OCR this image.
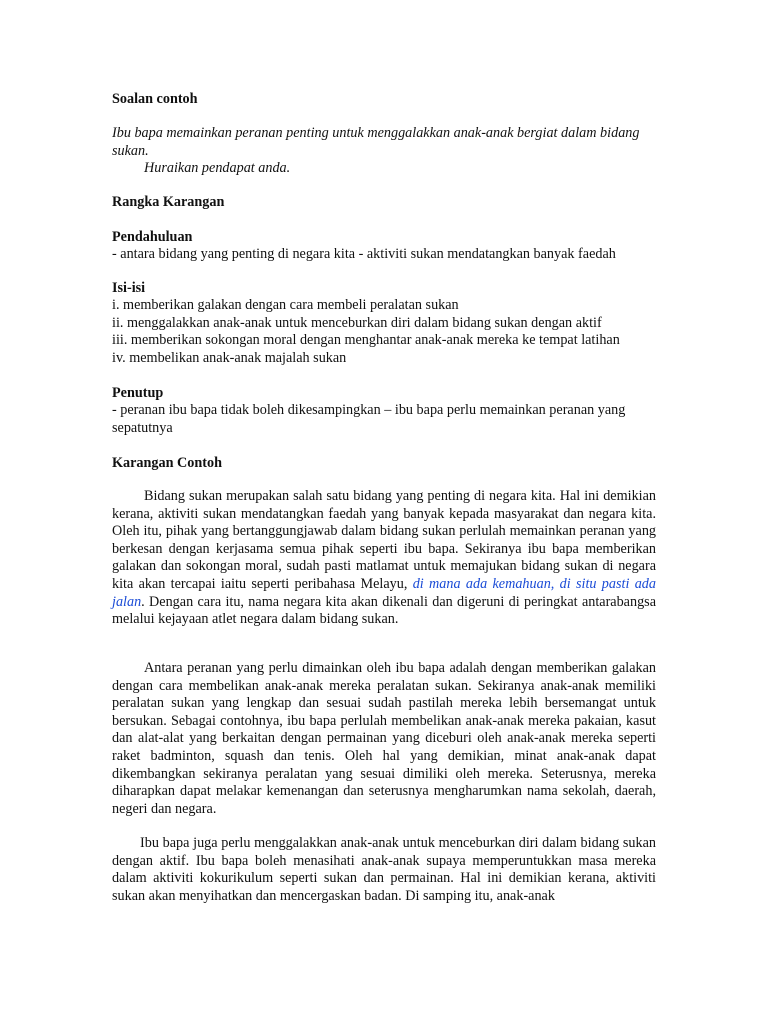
Soalan contoh

Ibu bapa memainkan peranan penting untuk menggalakkan anak-anak bergiat dalam bidang sukan.

Huraikan pendapat anda.

Rangka Karangan
Pendahuluan

- antara bidang yang penting di negara kita - aktiviti sukan mendatangkan banyak faedah

Isi-isi
i. memberikan galakan dengan cara membeli peralatan sukan
ii. menggalakkan anak-anak untuk menceburkan diri dalam bidang sukan dengan aktif
iii. memberikan sokongan moral dengan menghantar anak-anak mereka ke tempat latihan
iv. membelikan anak-anak majalah sukan
Penutup

- peranan ibu bapa tidak boleh dikesampingkan – ibu bapa perlu memainkan peranan yang sepatutnya

Karangan Contoh

Bidang sukan merupakan salah satu bidang yang penting di negara kita. Hal ini demikian kerana, aktiviti sukan mendatangkan faedah yang banyak kepada masyarakat dan negara kita. Oleh itu, pihak yang bertanggungjawab dalam bidang sukan perlulah memainkan peranan yang berkesan dengan kerjasama semua pihak seperti ibu bapa. Sekiranya ibu bapa memberikan galakan dan sokongan moral, sudah pasti matlamat untuk memajukan bidang sukan di negara kita akan tercapai iaitu seperti peribahasa Melayu, di mana ada kemahuan, di situ pasti ada jalan. Dengan cara itu, nama negara kita akan dikenali dan digeruni di peringkat antarabangsa melalui kejayaan atlet negara dalam bidang sukan.

Antara peranan yang perlu dimainkan oleh ibu bapa adalah dengan memberikan galakan dengan cara membelikan anak-anak mereka peralatan sukan. Sekiranya anak-anak memiliki peralatan sukan yang lengkap dan sesuai sudah pastilah mereka lebih bersemangat untuk bersukan. Sebagai contohnya, ibu bapa perlulah membelikan anak-anak mereka pakaian, kasut dan alat-alat yang berkaitan dengan permainan yang diceburi oleh anak-anak mereka seperti raket badminton, squash dan tenis. Oleh hal yang demikian, minat anak-anak dapat dikembangkan sekiranya peralatan yang sesuai dimiliki oleh mereka. Seterusnya, mereka diharapkan dapat melakar kemenangan dan seterusnya mengharumkan nama sekolah, daerah, negeri dan negara.

Ibu bapa juga perlu menggalakkan anak-anak untuk menceburkan diri dalam bidang sukan dengan aktif. Ibu bapa boleh menasihati anak-anak supaya memperuntukkan masa mereka dalam aktiviti kokurikulum seperti sukan dan permainan. Hal ini demikian kerana, aktiviti sukan akan menyihatkan dan mencergaskan badan. Di samping itu, anak-anak
